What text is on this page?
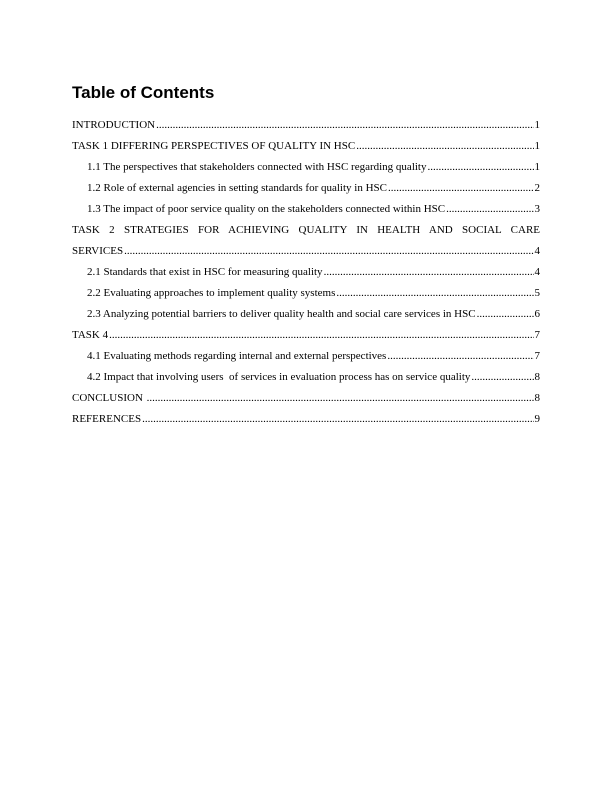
Table of Contents
INTRODUCTION .....	1
TASK 1 DIFFERING PERSPECTIVES OF QUALITY IN HSC .....	1
1.1 The perspectives that stakeholders connected with HSC regarding quality .....	1
1.2 Role of external agencies in setting standards for quality in HSC .....	2
1.3 The impact of poor service quality on the stakeholders connected within HSC .....	3
TASK 2 STRATEGIES FOR ACHIEVING QUALITY IN HEALTH AND SOCIAL CARE
SERVICES .....	4
2.1 Standards that exist in HSC for measuring quality .....	4
2.2 Evaluating approaches to implement quality systems .....	5
2.3 Analyzing potential barriers to deliver quality health and social care services in HSC .....	6
TASK 4 .....	7
4.1 Evaluating methods regarding internal and external perspectives .....	7
4.2 Impact that involving users  of services in evaluation process has on service quality .....	8
CONCLUSION .....	8
REFERENCES .....	9
